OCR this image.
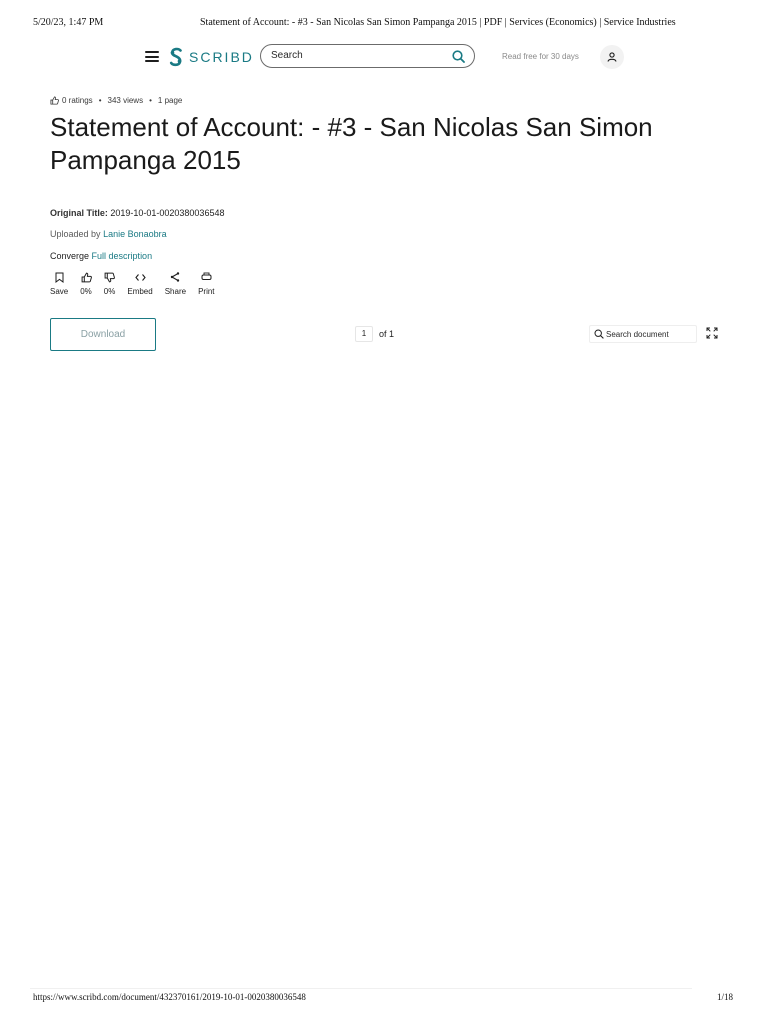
5/20/23, 1:47 PM	Statement of Account: - #3 - San Nicolas San Simon Pampanga 2015 | PDF | Services (Economics) | Service Industries
SCRIBD Search	Read free for 30 days
0 ratings • 343 views • 1 page
Statement of Account: - #3 - San Nicolas San Simon Pampanga 2015
Original Title: 2019-10-01-0020380036548
Uploaded by Lanie Bonaobra
Converge Full description
Save 0% 0% Embed Share Print
Download	1	of 1	Search document
https://www.scribd.com/document/432370161/2019-10-01-0020380036548	1/18
